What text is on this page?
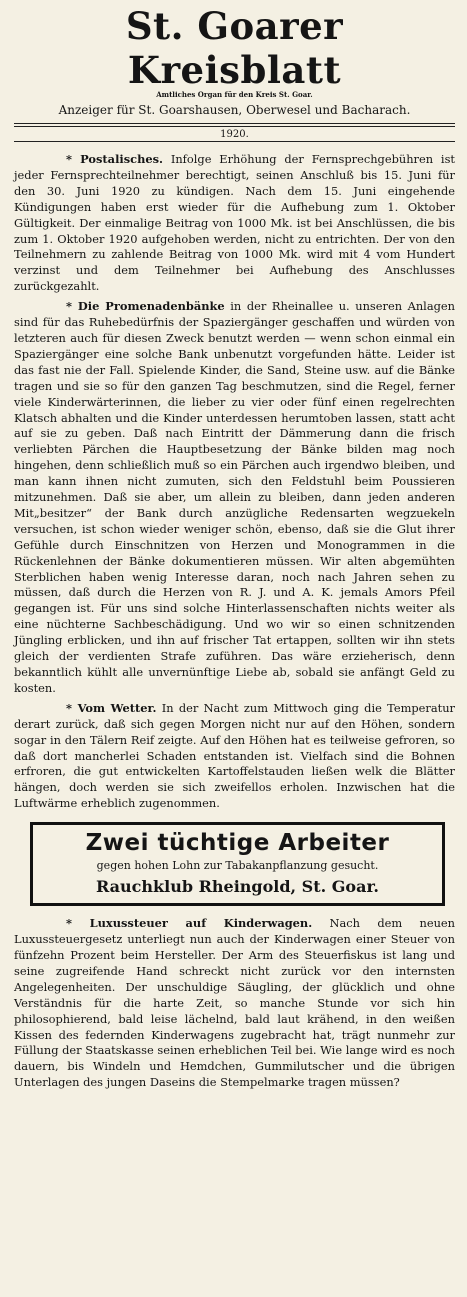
St. Goarer Kreisblatt
Amtliches Organ für den Kreis St. Goar.
Anzeiger für St. Goarshausen, Oberwesel und Bacharach.
1920.

* Postalisches. Infolge Erhöhung der Fernsprechgebühren ist jeder Fernsprechteilnehmer berechtigt, seinen Anschluß bis 15. Juni für den 30. Juni 1920 zu kündigen. Nach dem 15. Juni eingehende Kündigungen haben erst wieder für die Aufhebung zum 1. Oktober Gültigkeit. Der einmalige Beitrag von 1000 Mk. ist bei Anschlüssen, die bis zum 1. Oktober 1920 aufgehoben werden, nicht zu entrichten. Der von den Teilnehmern zu zahlende Beitrag von 1000 Mk. wird mit 4 vom Hundert verzinst und dem Teilnehmer bei Aufhebung des Anschlusses zurückgezahlt.

* Die Promenadenbänke in der Rheinallee u. unseren Anlagen sind für das Ruhebedürfnis der Spaziergänger geschaffen und würden von letzteren auch für diesen Zweck benutzt werden — wenn schon einmal ein Spaziergänger eine solche Bank unbenutzt vorgefunden hätte. Leider ist das fast nie der Fall. Spielende Kinder, die Sand, Steine usw. auf die Bänke tragen und sie so für den ganzen Tag beschmutzen, sind die Regel, ferner viele Kinderwärterinnen, die lieber zu vier oder fünf einen regelrechten Klatsch abhalten und die Kinder unterdessen herumtoben lassen, statt acht auf sie zu geben. Daß nach Eintritt der Dämmerung dann die frisch verliebten Pärchen die Hauptbesetzung der Bänke bilden mag noch hingehen, denn schließlich muß so ein Pärchen auch irgendwo bleiben, und man kann ihnen nicht zumuten, sich den Feldstuhl beim Poussieren mitzunehmen. Daß sie aber, um allein zu bleiben, dann jeden anderen Mit„besitzer“ der Bank durch anzügliche Redensarten wegzuekeln versuchen, ist schon wieder weniger schön, ebenso, daß sie die Glut ihrer Gefühle durch Einschnitzen von Herzen und Monogrammen in die Rückenlehnen der Bänke dokumentieren müssen. Wir alten abgemühten Sterblichen haben wenig Interesse daran, noch nach Jahren sehen zu müssen, daß durch die Herzen von R. J. und A. K. jemals Amors Pfeil gegangen ist. Für uns sind solche Hinterlassenschaften nichts weiter als eine nüchterne Sachbeschädigung. Und wo wir so einen schnitzenden Jüngling erblicken, und ihn auf frischer Tat ertappen, sollten wir ihn stets gleich der verdienten Strafe zuführen. Das wäre erzieherisch, denn bekanntlich kühlt alle unvernünftige Liebe ab, sobald sie anfängt Geld zu kosten.

* Vom Wetter. In der Nacht zum Mittwoch ging die Temperatur derart zurück, daß sich gegen Morgen nicht nur auf den Höhen, sondern sogar in den Tälern Reif zeigte. Auf den Höhen hat es teilweise gefroren, so daß dort mancherlei Schaden entstanden ist. Vielfach sind die Bohnen erfroren, die gut entwickelten Kartoffelstauden ließen welk die Blätter hängen, doch werden sie sich zweifellos erholen. Inzwischen hat die Luftwärme erheblich zugenommen.

Zwei tüchtige Arbeiter
gegen hohen Lohn zur Tabakanpflanzung gesucht.
Rauchklub Rheingold, St. Goar.

* Luxussteuer auf Kinderwagen. Nach dem neuen Luxussteuergesetz unterliegt nun auch der Kinderwagen einer Steuer von fünfzehn Prozent beim Hersteller. Der Arm des Steuerfiskus ist lang und seine zugreifende Hand schreckt nicht zurück vor den internsten Angelegenheiten. Der unschuldige Säugling, der glücklich und ohne Verständnis für die harte Zeit, so manche Stunde vor sich hin philosophierend, bald leise lächelnd, bald laut krähend, in den weißen Kissen des federnden Kinderwagens zugebracht hat, trägt nunmehr zur Füllung der Staatskasse seinen erheblichen Teil bei. Wie lange wird es noch dauern, bis Windeln und Hemdchen, Gummilutscher und die übrigen Unterlagen des jungen Daseins die Stempelmarke tragen müssen?
